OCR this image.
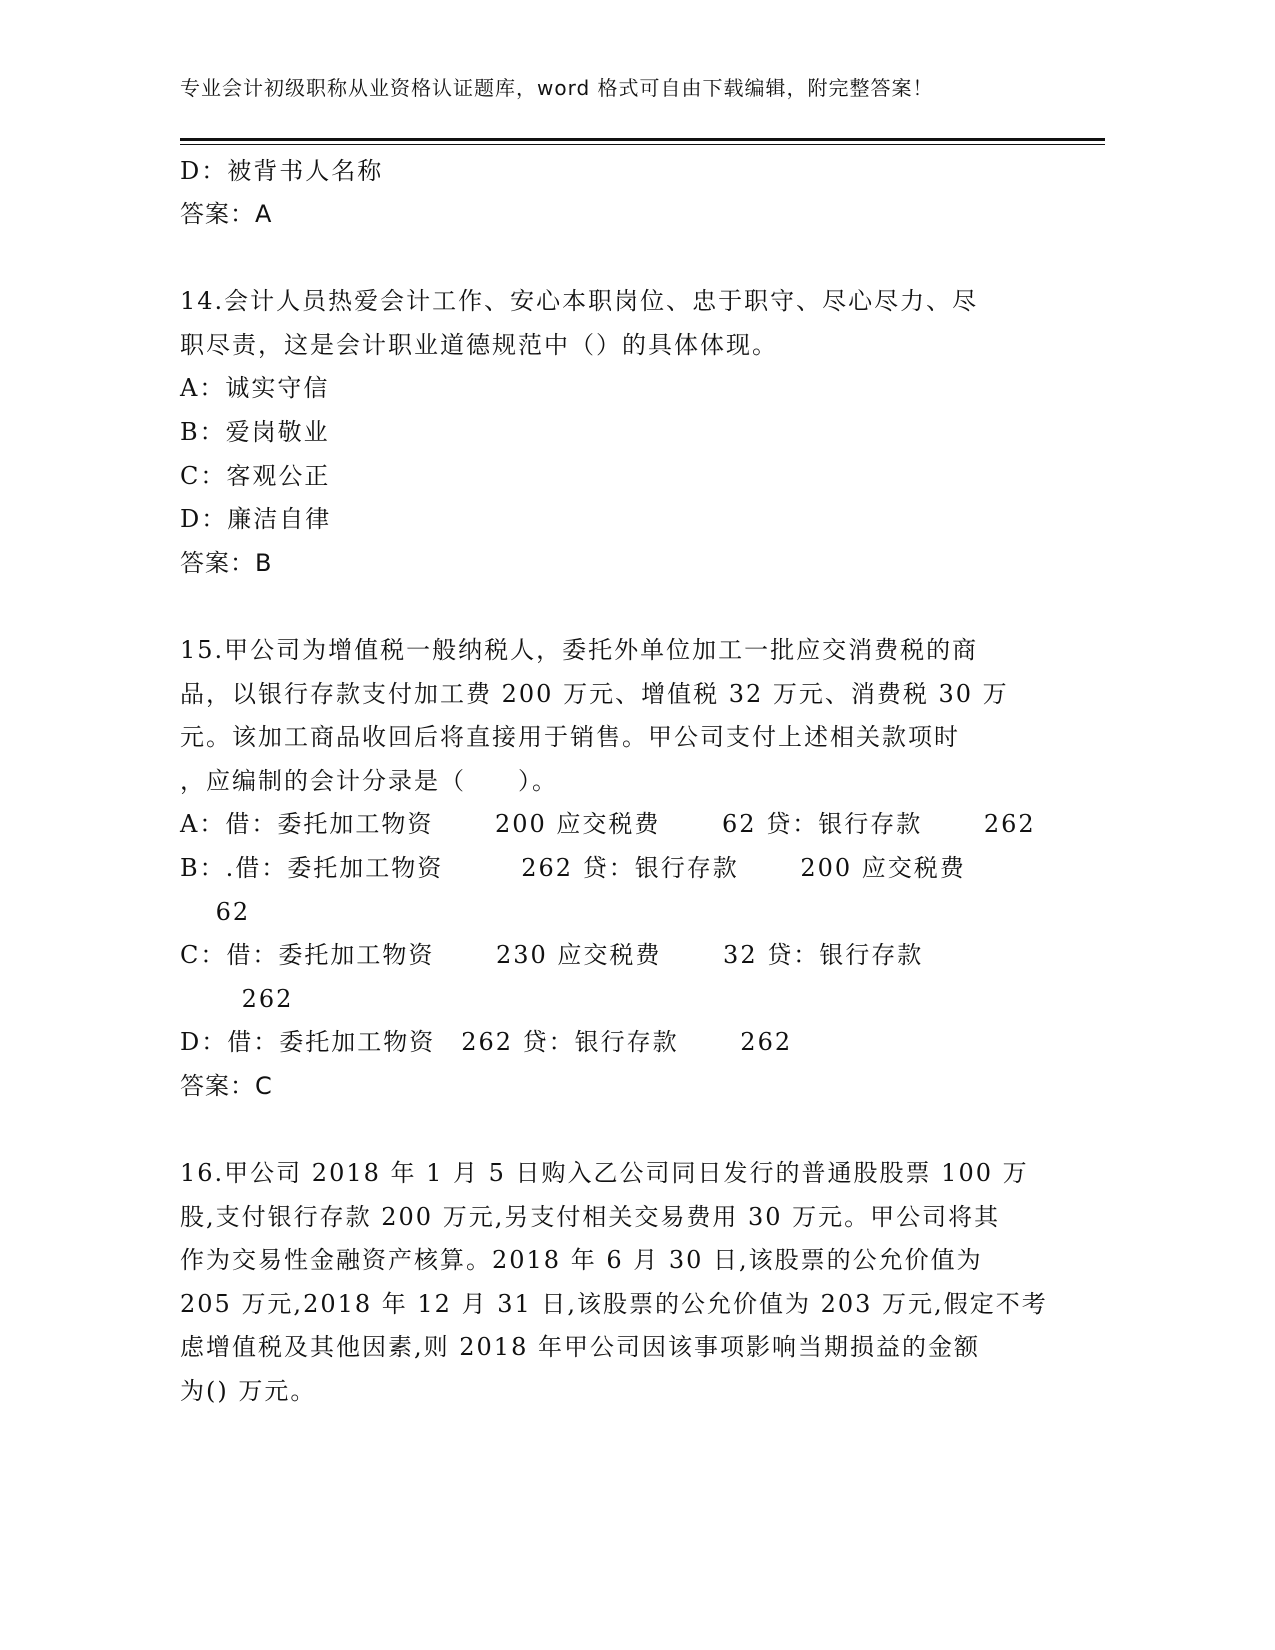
专业会计初级职称从业资格认证题库，word 格式可自由下载编辑，附完整答案！
D：被背书人名称
答案：A
14.会计人员热爱会计工作、安心本职岗位、忠于职守、尽心尽力、尽
职尽责，这是会计职业道德规范中（）的具体体现。
A：诚实守信
B：爱岗敬业
C：客观公正
D：廉洁自律
答案：B
15.甲公司为增值税一般纳税人，委托外单位加工一批应交消费税的商
品，以银行存款支付加工费 200 万元、增值税 32 万元、消费税 30 万
元。该加工商品收回后将直接用于销售。甲公司支付上述相关款项时
，应编制的会计分录是（　　）。
A：借：委托加工物资　　 200 应交税费　　 62 贷：银行存款　　 262
B：.借：委托加工物资　　　262 贷：银行存款　　 200 应交税费
　 62
C：借：委托加工物资　　 230 应交税费　　 32 贷：银行存款
　　 262
D：借：委托加工物资　262 贷：银行存款　　 262
答案：C
16.甲公司 2018 年 1 月 5 日购入乙公司同日发行的普通股股票 100 万
股,支付银行存款 200 万元,另支付相关交易费用 30 万元。甲公司将其
作为交易性金融资产核算。2018 年 6 月 30 日,该股票的公允价值为
205 万元,2018 年 12 月 31 日,该股票的公允价值为 203 万元,假定不考
虑增值税及其他因素,则 2018 年甲公司因该事项影响当期损益的金额
为() 万元。
